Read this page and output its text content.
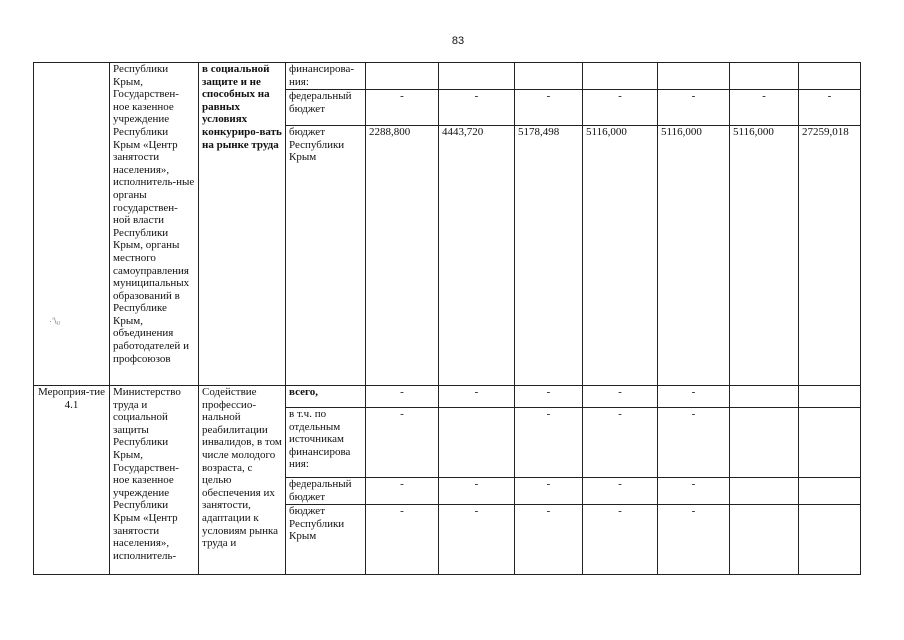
83
	Республики Крым, Государствен-ное казенное учреждение Республики Крым «Центр занятости населения», исполнитель-ные органы государствен-ной власти Республики Крым, органы местного самоуправления муниципальных образований в Республике Крым, объединения работодателей и профсоюзов	в социальной защите и не способных на равных условиях конкуриро-вать на рынке труда	финансирова-ния:							
			федеральный бюджет	-	-	-	-	-	-	-
			бюджет Республики Крым	2288,800	4443,720	5178,498	5116,000	5116,000	5116,000	27259,018
Мероприя-тие 4.1	Министерство труда и социальной защиты Республики Крым, Государствен-ное казенное учреждение Республики Крым «Центр занятости населения», исполнитель-	Содействие профессио-нальной реабилитации инвалидов, в том числе молодого возраста, с целью обеспечения их занятости, адаптации к условиям рынка труда и	всего,	-	-	-	-	-		
			в т.ч. по отдельным источникам финансирова ния:	-		-	-	-		
			федеральный бюджет	-	-	-	-	-		
			бюджет Республики Крым	-	-	-	-	-		
·ʻ\ᵤ
